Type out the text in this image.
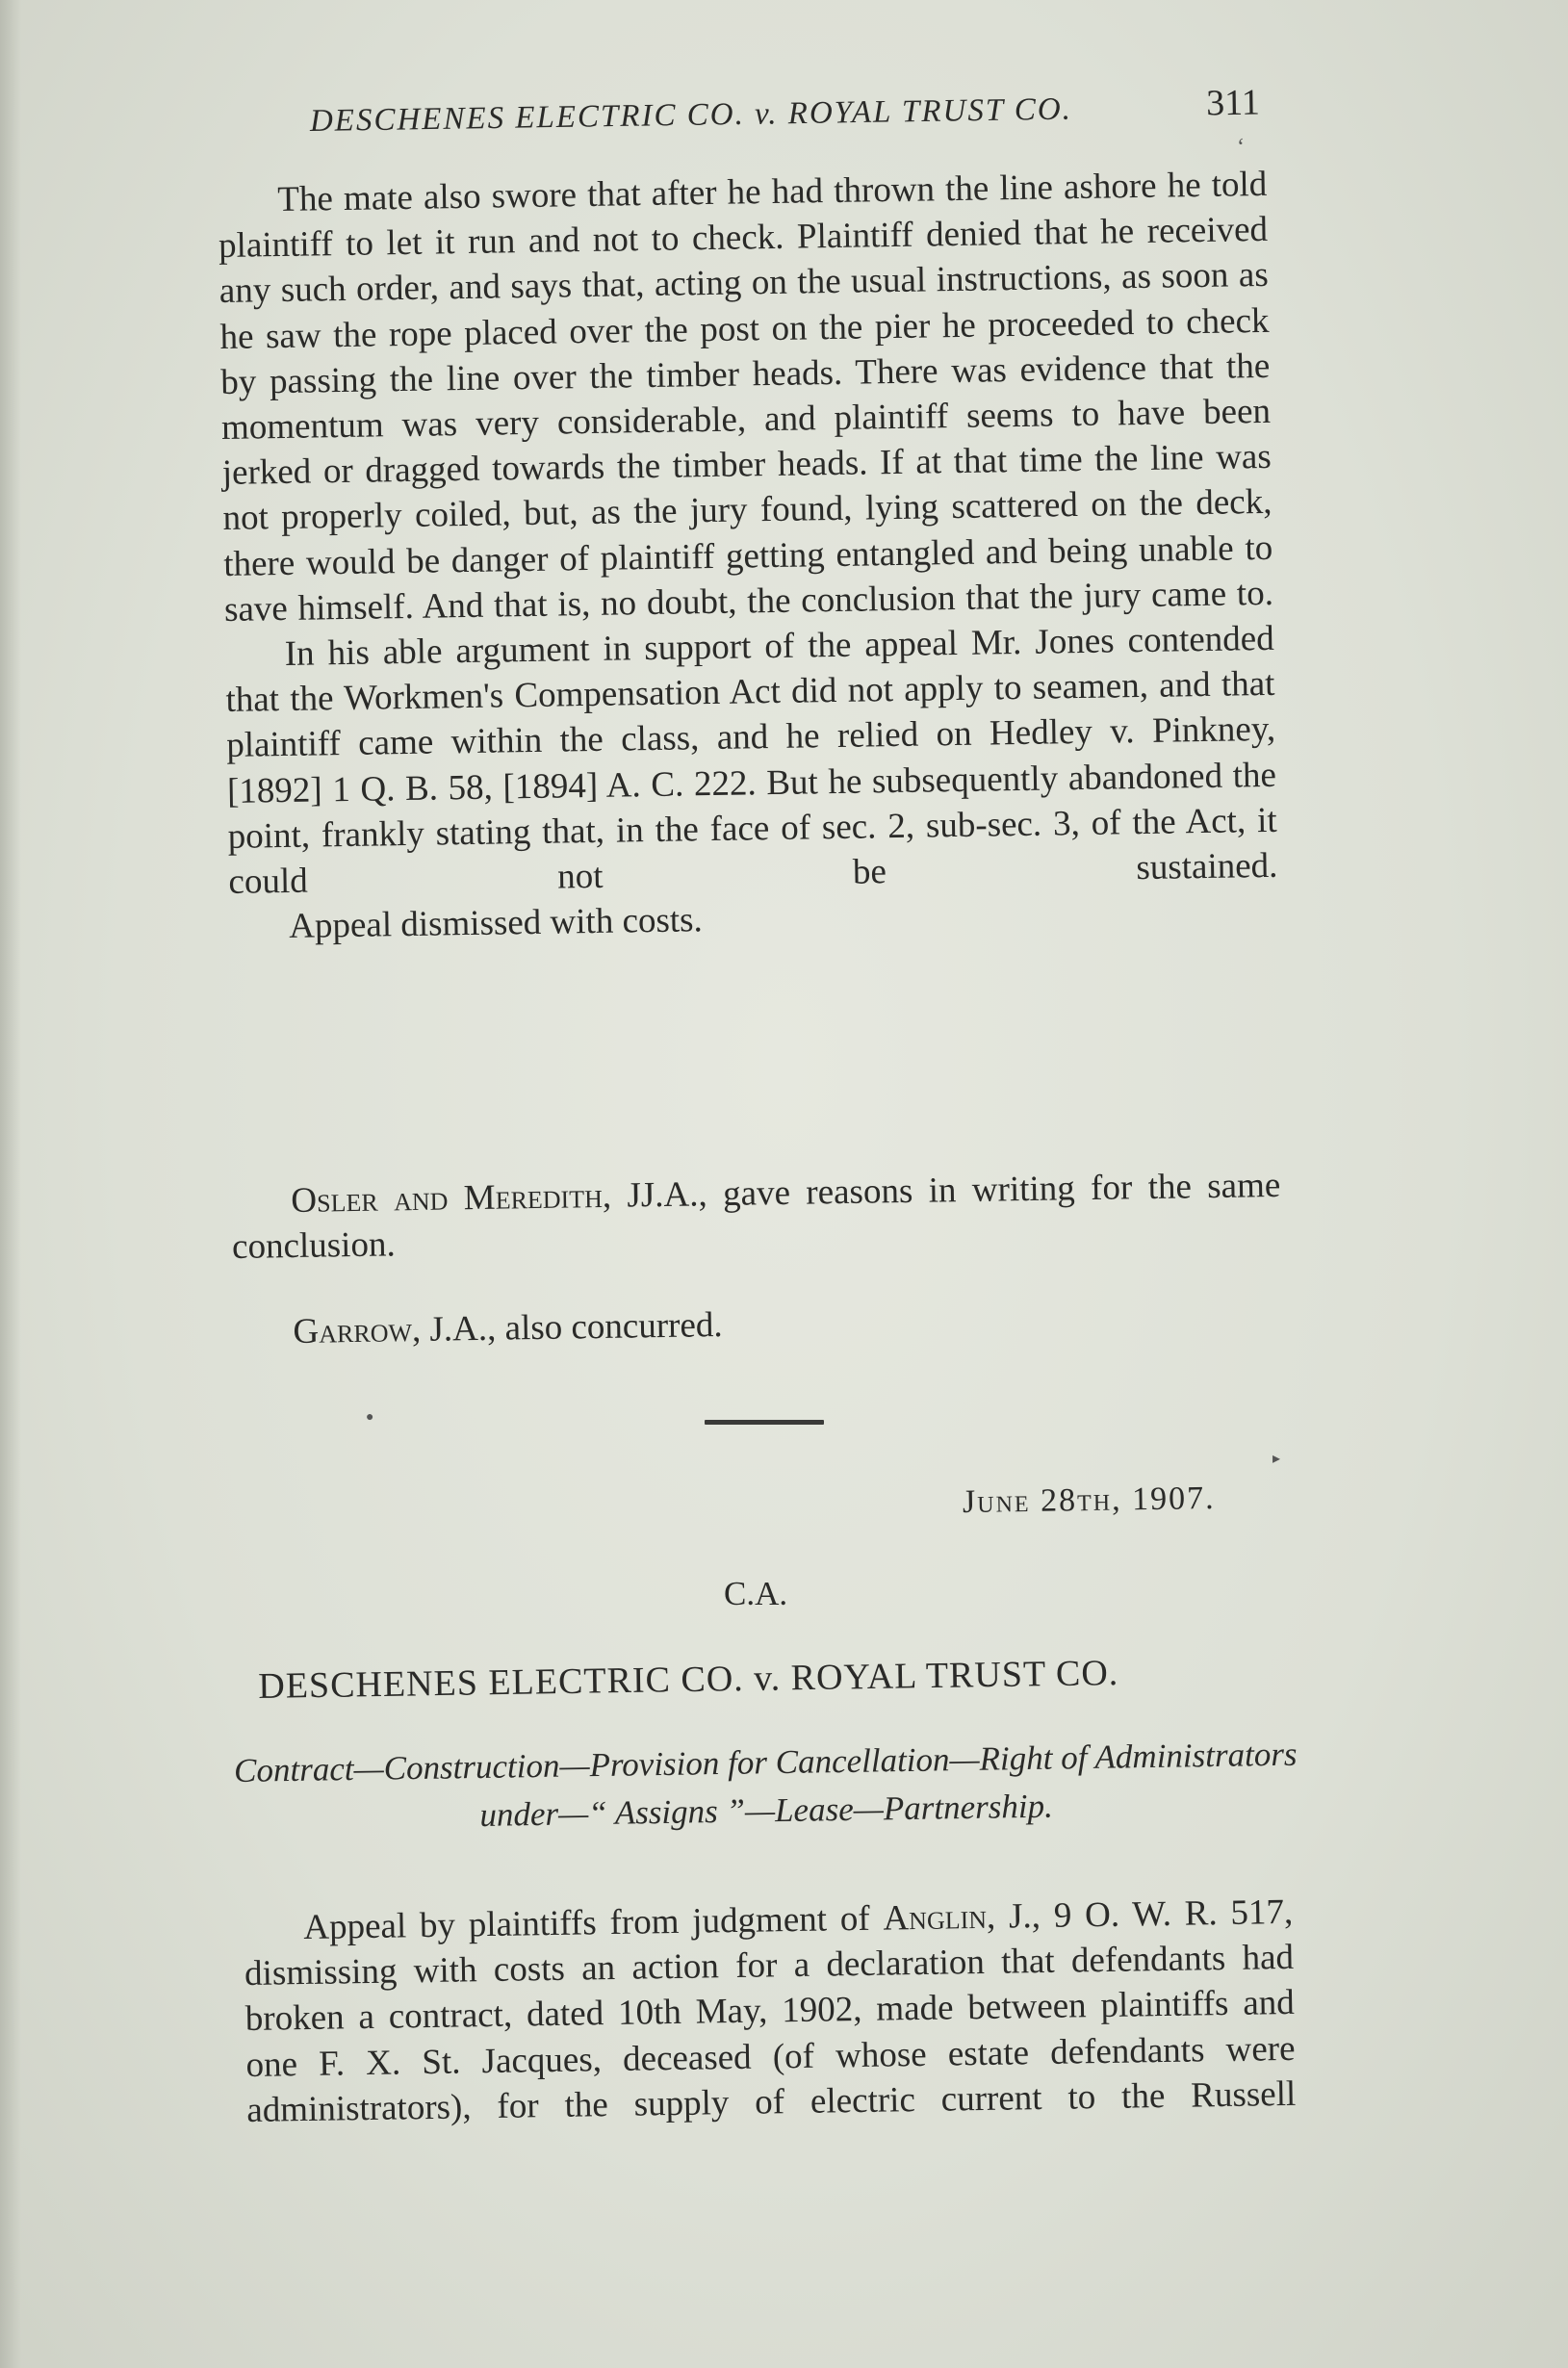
DESCHENES ELECTRIC CO. v. ROYAL TRUST CO.	311

The mate also swore that after he had thrown the line ashore he told plaintiff to let it run and not to check. Plaintiff denied that he received any such order, and says that, acting on the usual instructions, as soon as he saw the rope placed over the post on the pier he proceeded to check by passing the line over the timber heads. There was evidence that the momentum was very considerable, and plaintiff seems to have been jerked or dragged towards the timber heads. If at that time the line was not properly coiled, but, as the jury found, lying scattered on the deck, there would be danger of plaintiff getting entangled and being unable to save himself. And that is, no doubt, the conclusion that the jury came to.

In his able argument in support of the appeal Mr. Jones contended that the Workmen's Compensation Act did not apply to seamen, and that plaintiff came within the class, and he relied on Hedley v. Pinkney, [1892] 1 Q. B. 58, [1894] A. C. 222. But he subsequently abandoned the point, frankly stating that, in the face of sec. 2, sub-sec. 3, of the Act, it could not be sustained.

Appeal dismissed with costs.

Osler and Meredith, JJ.A., gave reasons in writing for the same conclusion.

Garrow, J.A., also concurred.

June 28th, 1907.
C.A.
DESCHENES ELECTRIC CO. v. ROYAL TRUST CO.
Contract—Construction—Provision for Cancellation—Right of Administrators under—“ Assigns ”—Lease—Partnership.

Appeal by plaintiffs from judgment of Anglin, J., 9 O. W. R. 517, dismissing with costs an action for a declaration that defendants had broken a contract, dated 10th May, 1902, made between plaintiffs and one F. X. St. Jacques, deceased (of whose estate defendants were administrators), for the supply of electric current to the Russell

‘
▸
●
